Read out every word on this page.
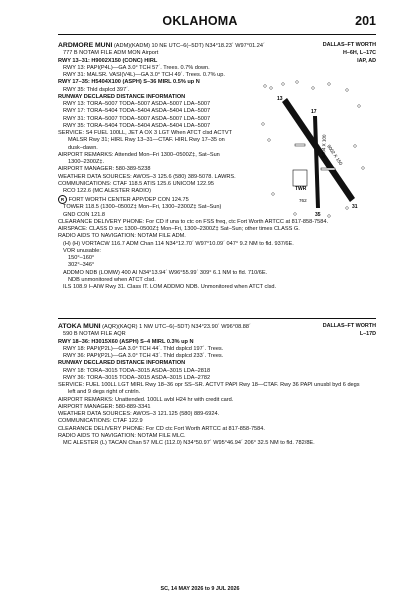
OKLAHOMA	201
ARDMORE MUNI (ADM)(KADM) 10 NE UTC–6(–5DT) N34°18.23´ W97°01.24´	DALLAS–FT WORTH
777 B NOTAM FILE ADM MON Airport	H–6H, L–17C
RWY 13–31: H9002X150 (CONC) HIRL	IAP, AD
RWY 13: PAPI(P4L)—GA 3.0° TCH 57´. Trees. 0.7% down.
RWY 31: MALSR. VASI(V4L)—GA 3.0° TCH 49´. Trees. 0.7% up.
RWY 17–35: H5404X100 (ASPH) S–36 MIRL 0.5% up N
RWY 35: Thld dsplcd 397´.
RUNWAY DECLARED DISTANCE INFORMATION
RWY 13: TORA–5007 TODA–5007 ASDA–5007 LDA–5007
RWY 17: TORA–5404 TODA–5404 ASDA–5404 LDA–5007
RWY 31: TORA–5007 TODA–5007 ASDA–5007 LDA–5007
RWY 35: TORA–5404 TODA–5404 ASDA–5404 LDA–5007
SERVICE: S4 FUEL 100LL, JET A OX 3 LGT When ATCT clsd ACTVT
MALSR Rwy 31; HIRL Rwy 13–31—CTAF. HIRL Rwy 17–35 on
dusk–dawn.
AIRPORT REMARKS: Attended Mon–Fri 1300–0500Z‡, Sat–Sun
1300–2300Z‡.
AIRPORT MANAGER: 580-389-5238
WEATHER DATA SOURCES: AWOS–3 125.6 (580) 389-5078. LAWRS.
COMMUNICATIONS: CTAF 118.5 ATIS 125.6 UNICOM 122.95
RCO 122.6 (MC ALESTER RADIO)
R FORT WORTH CENTER APP/DEP CON 124.75
TOWER 118.5 (1300–0500Z‡ Mon–Fri, 1300–2300Z‡ Sat–Sun)
GND CON 121.8
CLEARANCE DELIVERY PHONE: For CD if una to ctc on FSS freq, ctc Fort Worth ARTCC at 817-858-7584.
AIRSPACE: CLASS D svc 1300–0500Z‡ Mon–Fri, 1300–2300Z‡ Sat–Sun; other times CLASS G.
RADIO AIDS TO NAVIGATION: NOTAM FILE ADM.
(H) (H) VORTACW 116.7 ADM Chan 114 N34°12.70´ W97°10.09´ 047° 9.2 NM to fld. 937/6E.
VOR unusable:
150°–160°
302°–346°
ADDMO NDB (LOMW) 400 AI N34°13.94´ W96°55.99´ 309° 6.1 NM to fld. 710/6E.
NDB unmonitored when ATCT clsd.
ILS 108.9 I–AIW Rwy 31. Class IT. LOM ADDMO NDB. Unmonitored when ATCT clsd.
TWR
13
31
17
35
9002 X 150
5404 X 100
762
ATOKA MUNI (AQR)(KAQR) 1 NW UTC–6(–5DT) N34°23.90´ W96°08.88´	DALLAS–FT WORTH
590 B NOTAM FILE AQR	L–17D
RWY 18–36: H3015X60 (ASPH) S–4 MIRL 0.3% up N
RWY 18: PAPI(P2L)—GA 3.0° TCH 44´. Thld dsplcd 197´. Trees.
RWY 36: PAPI(P2L)—GA 3.0° TCH 43´. Thld dsplcd 233´. Trees.
RUNWAY DECLARED DISTANCE INFORMATION
RWY 18: TORA–3015 TODA–3015 ASDA–3015 LDA–2818
RWY 36: TORA–3015 TODA–3015 ASDA–3015 LDA–2782
SERVICE: FUEL 100LL LGT MIRL Rwy 18–36 opr SS–SR. ACTVT PAPI Rwy 18—CTAF. Rwy 36 PAPI unusbl byd 6 degs
left and 9 degs right of cntrln.
AIRPORT REMARKS: Unattended. 100LL avbl H24 hr with credit card.
AIRPORT MANAGER: 580-889-3341
WEATHER DATA SOURCES: AWOS–3 121.125 (580) 889-6924.
COMMUNICATIONS: CTAF 122.9
CLEARANCE DELIVERY PHONE: For CD ctc Fort Worth ARTCC at 817-858-7584.
RADIO AIDS TO NAVIGATION: NOTAM FILE MLC.
MC ALESTER (L) TACAN Chan 57 MLC (112.0) N34°50.97´ W95°46.94´ 206° 32.5 NM to fld. 782/8E.
SC, 14 MAY 2026 to 9 JUL 2026
